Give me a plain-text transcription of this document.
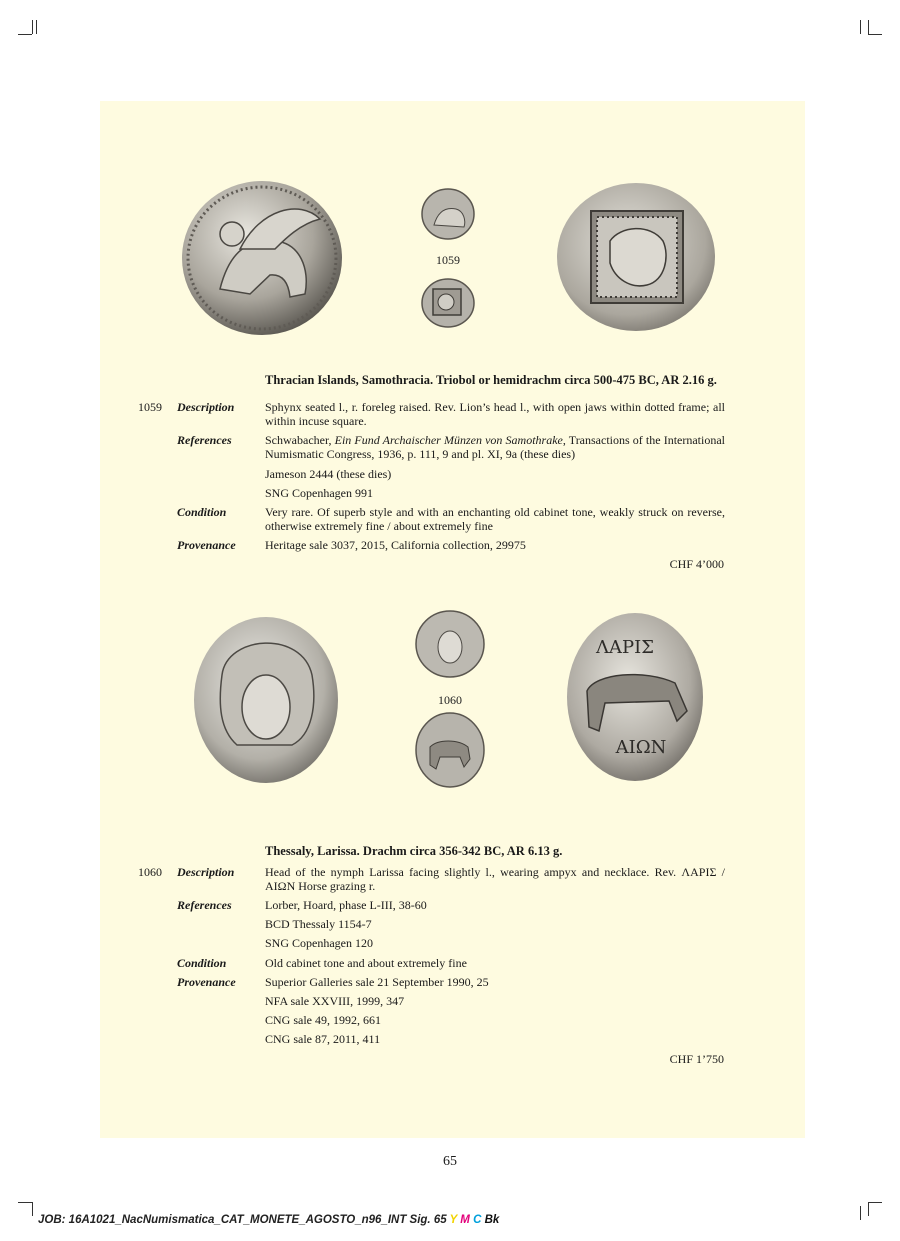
1059
Thracian Islands, Samothracia. Triobol or hemidrachm circa 500-475 BC, AR 2.16 g.
1059 Description	Sphynx seated l., r. foreleg raised. Rev. Lion’s head l., with open jaws within dotted frame; all within incuse square.
References	Schwabacher, Ein Fund Archaischer Münzen von Samothrake, Transactions of the International Numismatic Congress, 1936, p. 111, 9 and pl. XI, 9a (these dies)
Jameson 2444 (these dies)
SNG Copenhagen 991
Condition	Very rare. Of superb style and with an enchanting old cabinet tone, weakly struck on reverse, otherwise extremely fine / about extremely fine
Provenance Heritage sale 3037, 2015, California collection, 29975
CHF 4’000
1060
ΛΑΡΙΣ
ΑΙΩΝ
Thessaly, Larissa. Drachm circa 356-342 BC, AR 6.13 g.
1060 Description	Head of the nymph Larissa facing slightly l., wearing ampyx and necklace. Rev. ΛΑΡΙΣ / ΑΙΩΝ Horse grazing r.
References	Lorber, Hoard, phase L-III, 38-60
BCD Thessaly 1154-7
SNG Copenhagen 120
Condition	Old cabinet tone and about extremely fine
Provenance Superior Galleries sale 21 September 1990, 25
NFA sale XXVIII, 1999, 347
CNG sale 49, 1992, 661
CNG sale 87, 2011, 411
CHF 1’750
65
JOB: 16A1021_NacNumismatica_CAT_MONETE_AGOSTO_n96_INT Sig. 65 Y M C Bk
